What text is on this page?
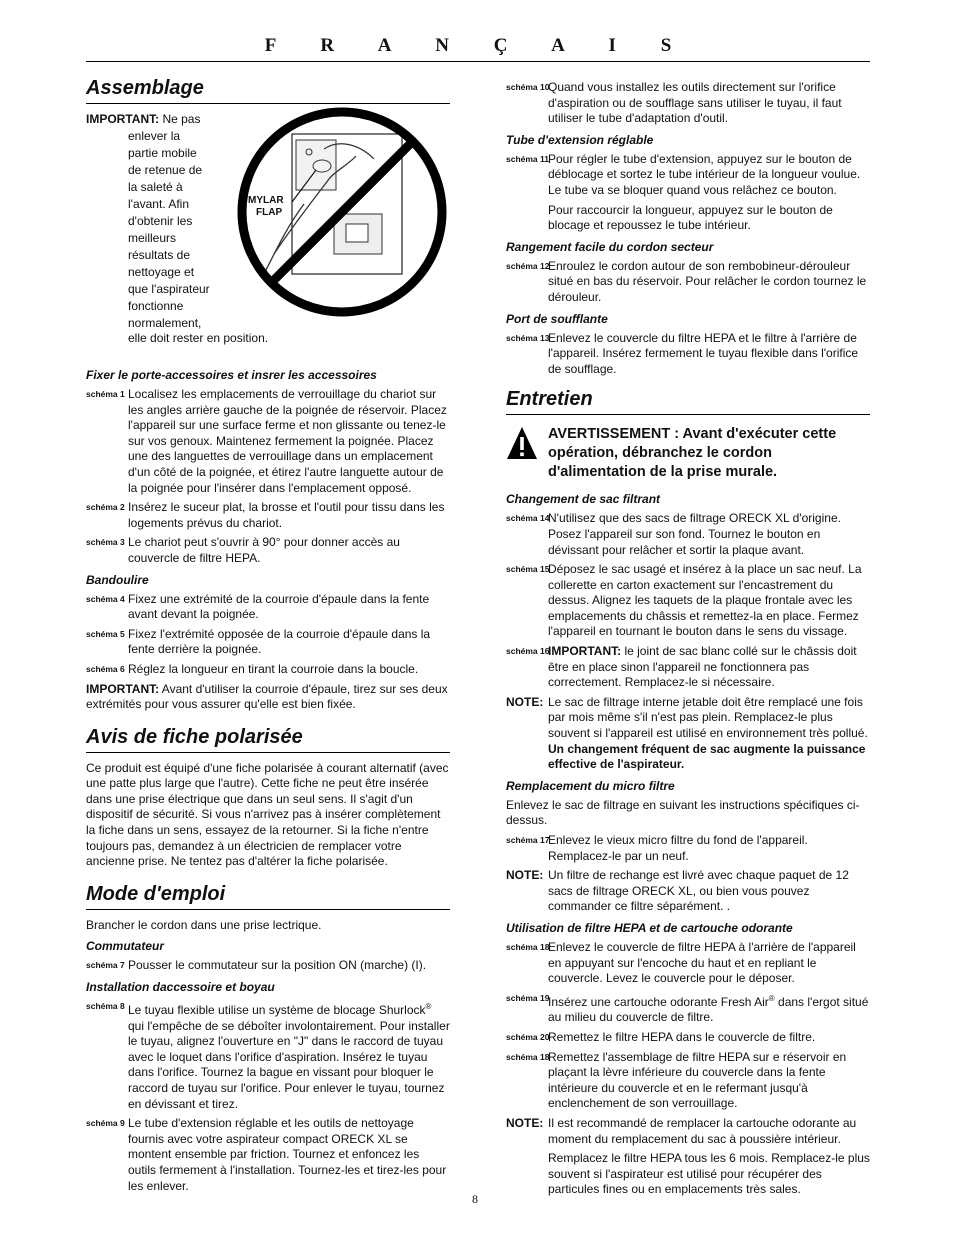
F R A N Ç A I S
Assemblage
IMPORTANT: Ne pas
enlever la
partie mobile
de retenue de
la saleté à
l'avant. Afin
d'obtenir les
meilleurs
résultats de
nettoyage et
que l'aspirateur
fonctionne
normalement,
elle doit rester en position.
MYLAR
FLAP
Fixer le porte-accessoires et insrer les accessoires
schéma 1 Localisez les emplacements de verrouillage du chariot sur les angles arrière gauche de la poignée de réservoir. Placez l'appareil sur une surface ferme et non glissante ou tenez-le sur vos genoux. Maintenez fermement la poignée. Placez une des languettes de verrouillage dans un emplacement d'un côté de la poignée, et étirez l'autre languette autour de la poignée pour l'insérer dans l'emplacement opposé.
schéma 2 Insérez le suceur plat, la brosse et l'outil pour tissu dans les logements prévus du chariot.
schéma 3 Le chariot peut s'ouvrir à 90° pour donner accès au couvercle de filtre HEPA.
Bandoulire
schéma 4 Fixez une extrémité de la courroie d'épaule dans la fente avant devant la poignée.
schéma 5 Fixez l'extrémité opposée de la courroie d'épaule dans la fente derrière la poignée.
schéma 6 Réglez la longueur en tirant la courroie dans la boucle.
IMPORTANT: Avant d'utiliser la courroie d'épaule, tirez sur ses deux extrémités pour vous assurer qu'elle est bien fixée.
Avis de fiche polarisée
Ce produit est équipé d'une fiche polarisée à courant alternatif (avec une patte plus large que l'autre). Cette fiche ne peut être insérée dans une prise électrique que dans un seul sens. Il s'agit d'un dispositif de sécurité. Si vous n'arrivez pas à insérer complètement la fiche dans un sens, essayez de la retourner. Si la fiche n'entre toujours pas, demandez à un électricien de remplacer votre ancienne prise. Ne tentez pas d'altérer la fiche polarisée.
Mode d'emploi
Brancher le cordon dans une prise lectrique.
Commutateur
schéma 7 Pousser le commutateur sur la position ON (marche) (I).
Installation daccessoire et boyau
schéma 8 Le tuyau flexible utilise un système de blocage Shurlock® qui l'empêche de se déboîter involontairement. Pour installer le tuyau, alignez l'ouverture en "J" dans le raccord de tuyau avec le loquet dans l'orifice d'aspiration. Insérez le tuyau dans l'orifice. Tournez la bague en vissant pour bloquer le raccord de tuyau sur l'orifice. Pour enlever le tuyau, tournez en dévissant et tirez.
schéma 9 Le tube d'extension réglable et les outils de nettoyage fournis avec votre aspirateur compact ORECK XL se montent ensemble par friction. Tournez et enfoncez les outils fermement à l'installation. Tournez-les et tirez-les pour les enlever.
schéma 10
Quand vous installez les outils directement sur l'orifice d'aspiration ou de soufflage sans utiliser le tuyau, il faut utiliser le tube d'adaptation d'outil.
Tube d'extension réglable
schéma 11
Pour régler le tube d'extension, appuyez sur le bouton de déblocage et sortez le tube intérieur de la longueur voulue. Le tube va se bloquer quand vous relâchez ce bouton.
Pour raccourcir la longueur, appuyez sur le bouton de blocage et repoussez le tube intérieur.
Rangement facile du cordon secteur
schéma 12
Enroulez le cordon autour de son rembobineur-dérouleur situé en bas du réservoir. Pour relâcher le cordon tournez le dérouleur.
Port de soufflante
schéma 13
Enlevez le couvercle du filtre HEPA et le filtre à l'arrière de l'appareil. Insérez fermement le tuyau flexible dans l'orifice de soufflage.
Entretien
AVERTISSEMENT : Avant d'exécuter cette opération, débranchez le cordon d'alimentation de la prise murale.
Changement de sac filtrant
schéma 14
N'utilisez que des sacs de filtrage ORECK XL d'origine. Posez l'appareil sur son fond. Tournez le bouton en dévissant pour relâcher et sortir la plaque avant.
schéma 15
Déposez le sac usagé et insérez à la place un sac neuf. La collerette en carton exactement sur l'encastrement du dessus. Alignez les taquets de la plaque frontale avec les emplacements du châssis et remettez-la en place. Fermez l'appareil en tournant le bouton dans le sens du vissage.
schéma 16
IMPORTANT: le joint de sac blanc collé sur le châssis doit être en place sinon l'appareil ne fonctionnera pas correctement. Remplacez-le si nécessaire.
NOTE: Le sac de filtrage interne jetable doit être remplacé une fois par mois même s'il n'est pas plein. Remplacez-le plus souvent si l'appareil est utilisé en environnement très pollué. Un changement fréquent de sac augmente la puissance effective de l'aspirateur.
Remplacement du micro filtre
Enlevez le sac de filtrage en suivant les instructions spécifiques ci-dessus.
schéma 17
Enlevez le vieux micro filtre du fond de l'appareil. Remplacez-le par un neuf.
NOTE: Un filtre de rechange est livré avec chaque paquet de 12 sacs de filtrage ORECK XL, ou bien vous pouvez commander ce filtre séparément. .
Utilisation de filtre HEPA et de cartouche odorante
schéma 18
Enlevez le couvercle de filtre HEPA à l'arrière de l'appareil en appuyant sur l'encoche du haut et en repliant le couvercle. Levez le couvercle pour le déposer.
schéma 19
Insérez une cartouche odorante Fresh Air® dans l'ergot situé au milieu du couvercle de filtre.
schéma 20
Remettez le filtre HEPA dans le couvercle de filtre.
schéma 18
Remettez l'assemblage de filtre HEPA sur e réservoir en plaçant la lèvre inférieure du couvercle dans la fente intérieure du couvercle et en le refermant jusqu'à enclenchement de son verrouillage.
NOTE: Il est recommandé de remplacer la cartouche odorante au moment du remplacement du sac à poussière intérieur.
Remplacez le filtre HEPA tous les 6 mois. Remplacez-le plus souvent si l'aspirateur est utilisé pour récupérer des particules fines ou en emplacements très sales.
8
